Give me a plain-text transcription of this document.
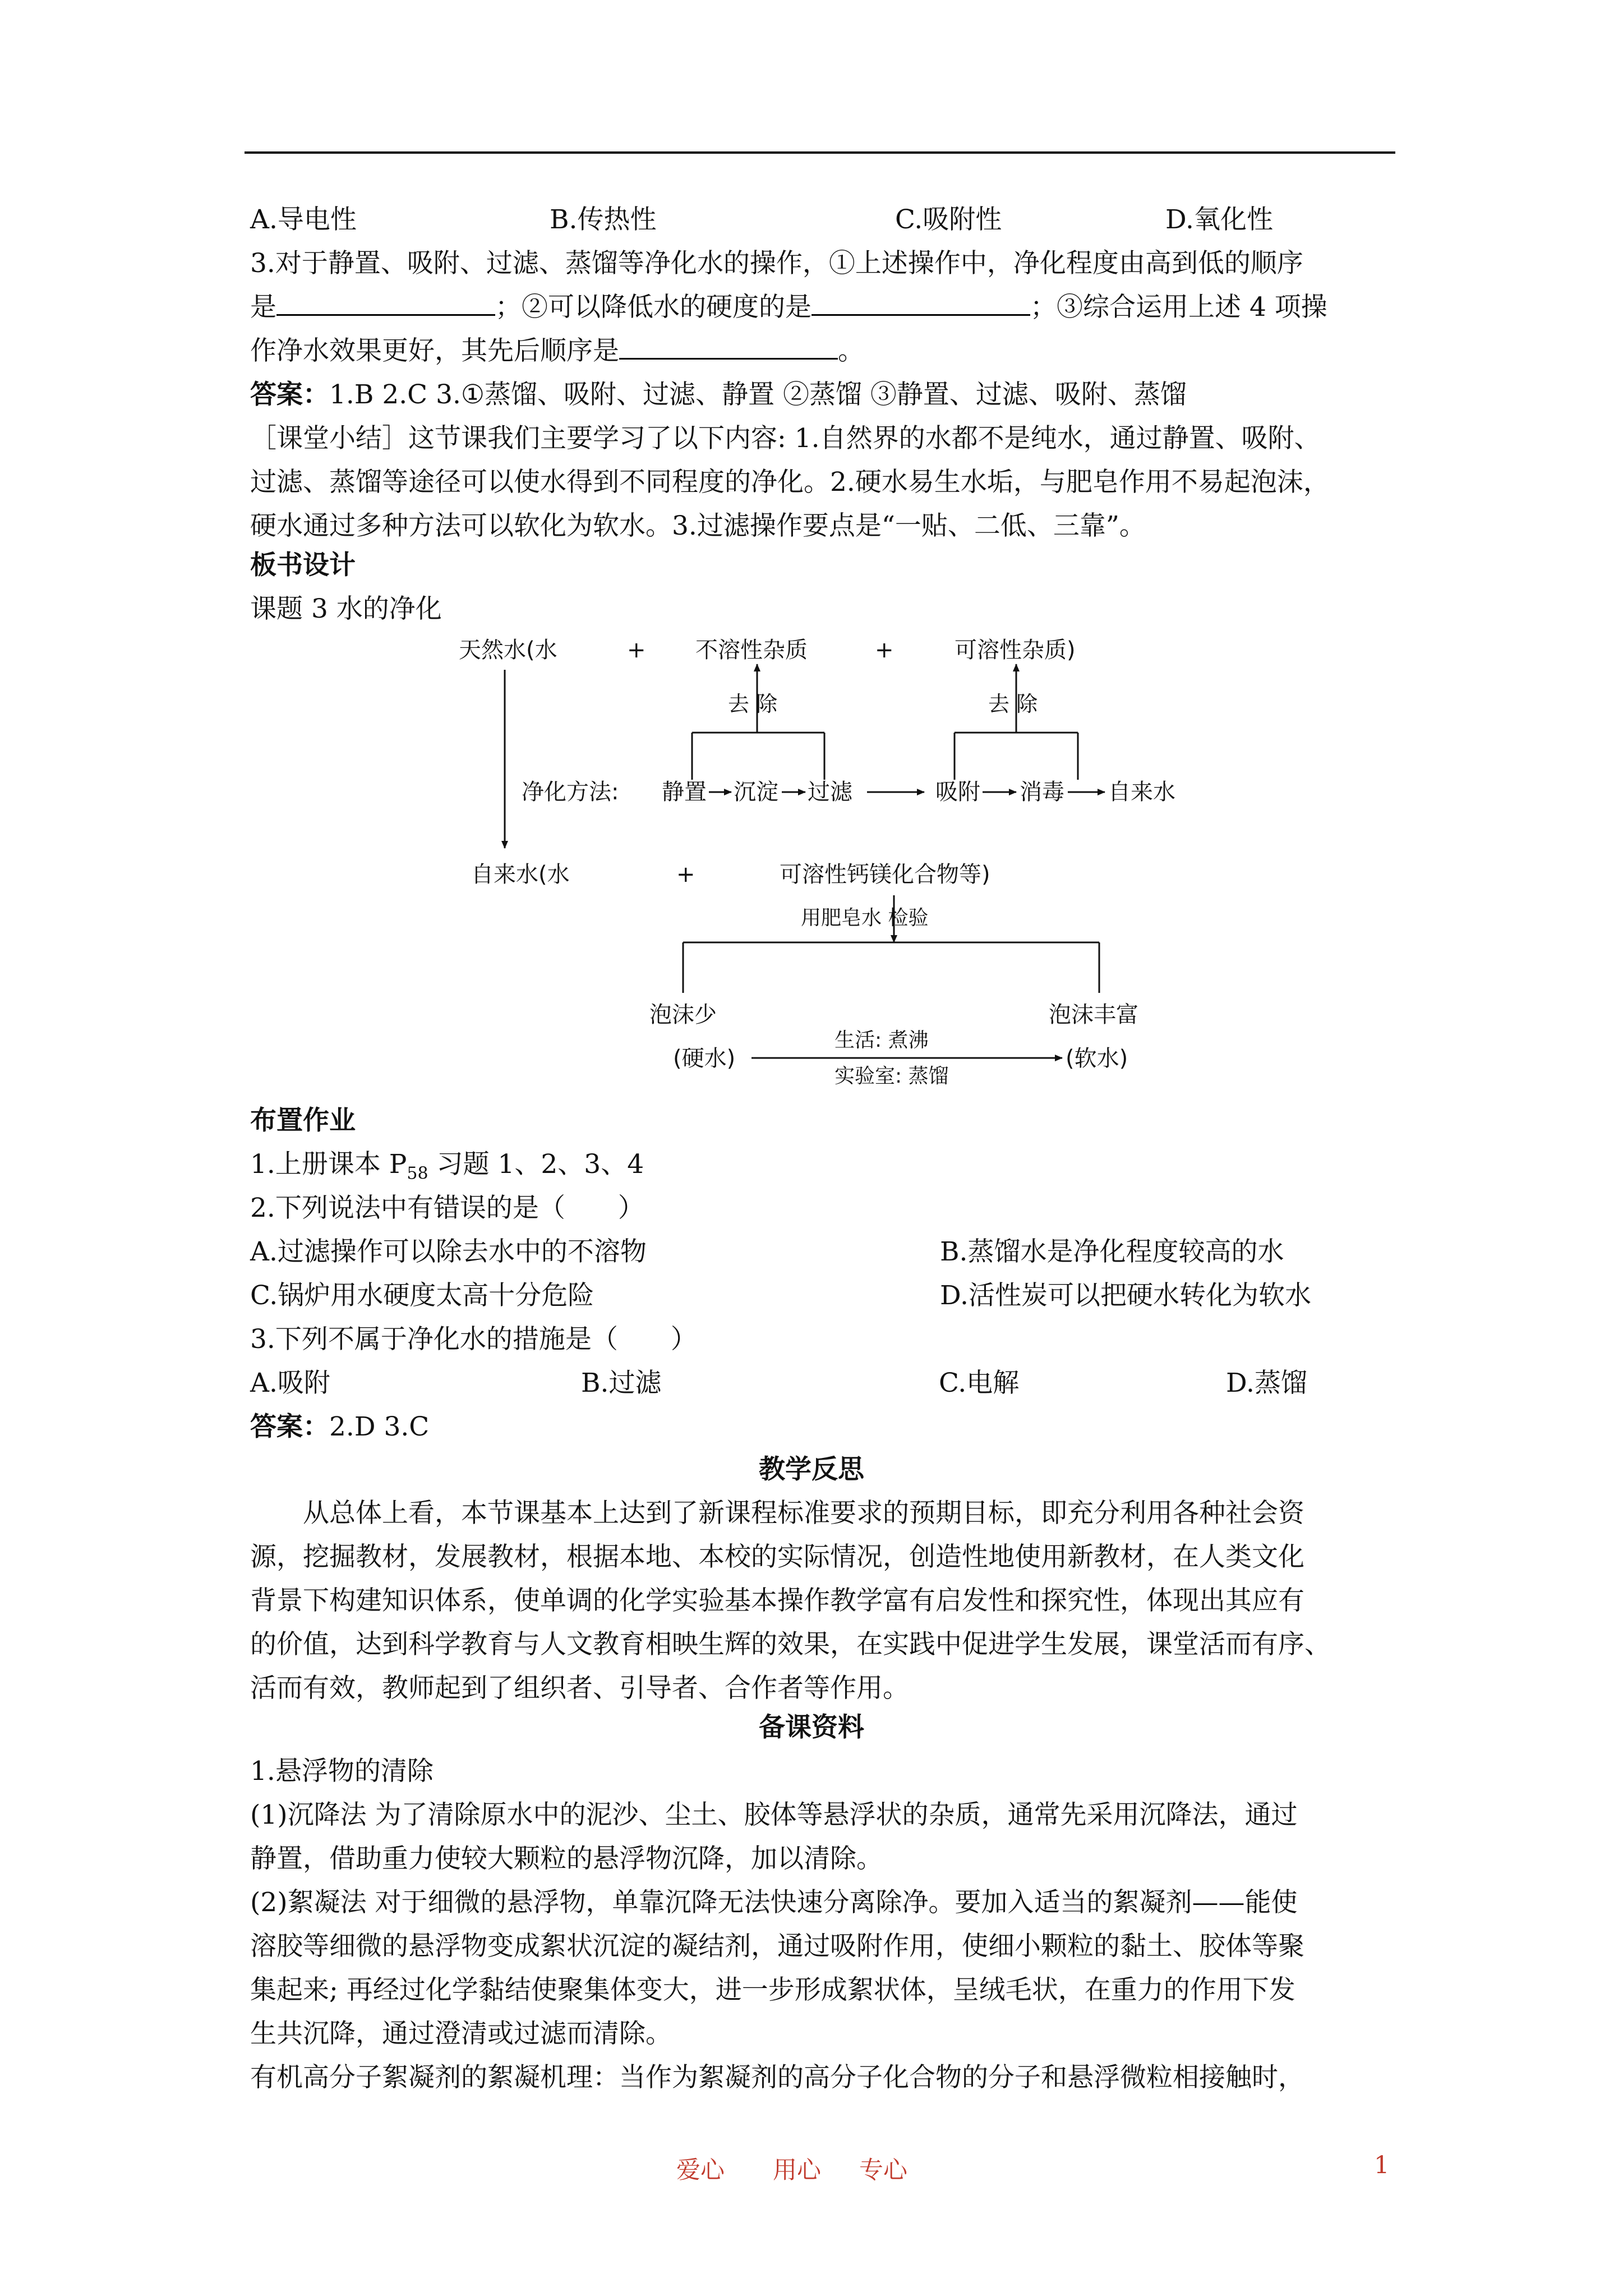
A.导电性	B.传热性	C.吸附性	D.氧化性
3.对于静置、吸附、过滤、蒸馏等净化水的操作，①上述操作中，净化程度由高到低的顺序
是	；②可以降低水的硬度的是	；③综合运用上述 4 项操
作净水效果更好，其先后顺序是	。
答案：1.B 2.C 3.①蒸馏、吸附、过滤、静置 ②蒸馏 ③静置、过滤、吸附、蒸馏
［课堂小结］这节课我们主要学习了以下内容: 1.自然界的水都不是纯水，通过静置、吸附、
过滤、蒸馏等途径可以使水得到不同程度的净化。2.硬水易生水垢，与肥皂作用不易起泡沫，
硬水通过多种方法可以软化为软水。3.过滤操作要点是“一贴、二低、三靠”。
板书设计
课题 3 水的净化
天然水(水	+ 不溶性杂质	+	可溶性杂质)
去 除	去 除
净化方法: 静置 沉淀 过滤	吸附 消毒 自来水
自来水(水	+	可溶性钙镁化合物等)
用肥皂水 检验
泡沫少	泡沫丰富
(硬水)	(软水)
生活: 煮沸
实验室: 蒸馏
布置作业
1.上册课本 $P_{58}$ 习题 1、2、3、4
2.下列说法中有错误的是（　　）
A.过滤操作可以除去水中的不溶物	B.蒸馏水是净化程度较高的水
C.锅炉用水硬度太高十分危险	D.活性炭可以把硬水转化为软水
3.下列不属于净化水的措施是（　　）
A.吸附	B.过滤	C.电解	D.蒸馏
答案：2.D 3.C
教学反思
　　从总体上看，本节课基本上达到了新课程标准要求的预期目标，即充分利用各种社会资
源，挖掘教材，发展教材，根据本地、本校的实际情况，创造性地使用新教材，在人类文化
背景下构建知识体系，使单调的化学实验基本操作教学富有启发性和探究性，体现出其应有
的价值，达到科学教育与人文教育相映生辉的效果，在实践中促进学生发展，课堂活而有序、
活而有效，教师起到了组织者、引导者、合作者等作用。
备课资料
1.悬浮物的清除
(1)沉降法 为了清除原水中的泥沙、尘土、胶体等悬浮状的杂质，通常先采用沉降法，通过
静置，借助重力使较大颗粒的悬浮物沉降，加以清除。
(2)絮凝法 对于细微的悬浮物，单靠沉降无法快速分离除净。要加入适当的絮凝剂——能使
溶胶等细微的悬浮物变成絮状沉淀的凝结剂，通过吸附作用，使细小颗粒的黏土、胶体等聚
集起来; 再经过化学黏结使聚集体变大，进一步形成絮状体，呈绒毛状，在重力的作用下发
生共沉降，通过澄清或过滤而清除。
有机高分子絮凝剂的絮凝机理：当作为絮凝剂的高分子化合物的分子和悬浮微粒相接触时，
爱心 用心 专心	1
